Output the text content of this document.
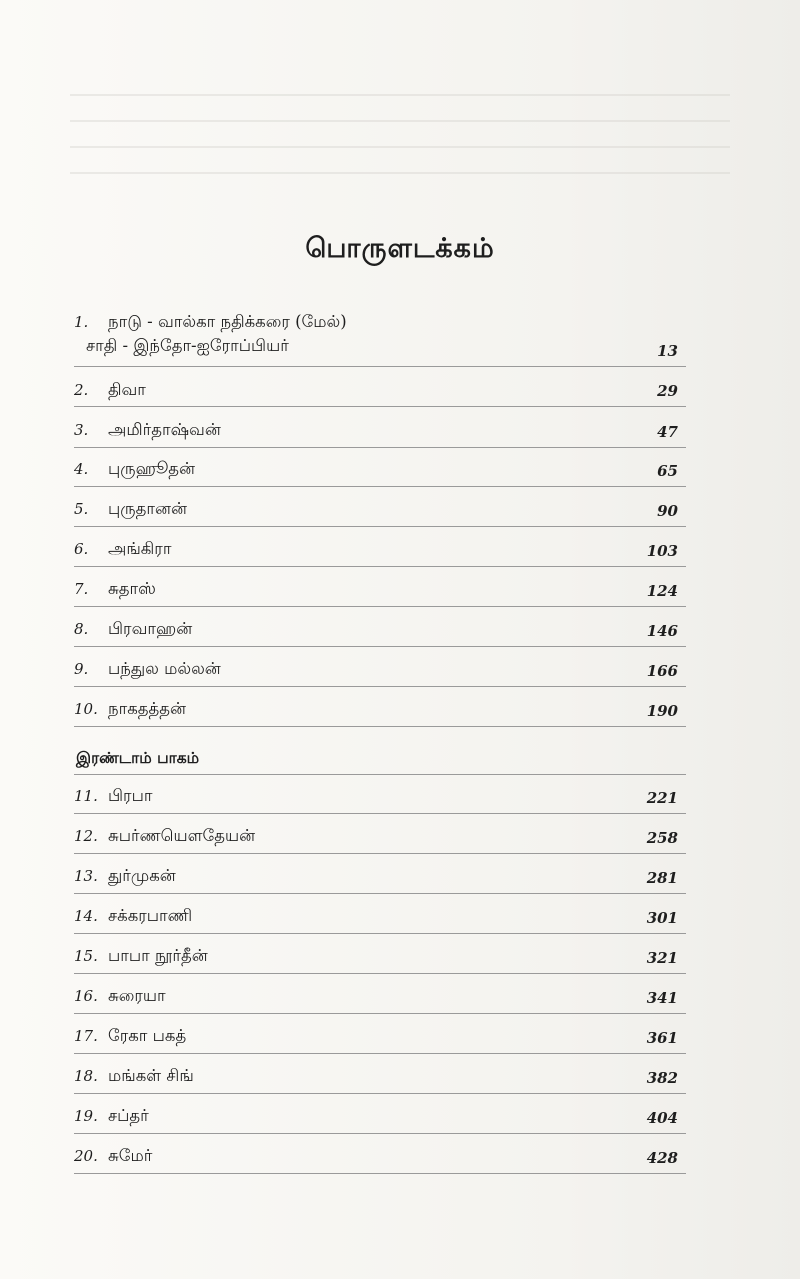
பொருளடக்கம்
1. நாடு - வால்கா நதிக்கரை (மேல்)
சாதி - இந்தோ-ஐரோப்பியர்	13
2. திவா	29
3. அமிர்தாஷ்வன்	47
4. புருஹூதன்	65
5. புருதானன்	90
6. அங்கிரா	103
7. சுதாஸ்	124
8. பிரவாஹன்	146
9. பந்துல மல்லன்	166
10. நாகதத்தன்	190
இரண்டாம் பாகம்
11. பிரபா	221
12. சுபர்ணயௌதேயன்	258
13. துர்முகன்	281
14. சக்கரபாணி	301
15. பாபா நூர்தீன்	321
16. சுரையா	341
17. ரேகா பகத்	361
18. மங்கள் சிங்	382
19. சப்தர்	404
20. சுமேர்	428
